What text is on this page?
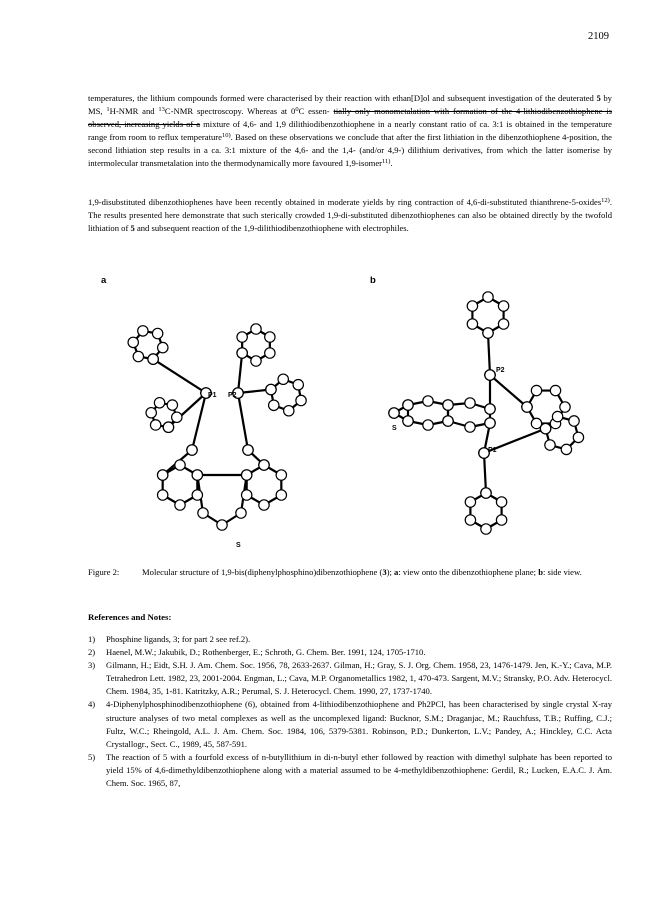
2109

temperatures, the lithium compounds formed were characterised by their reaction with ethan[D]ol and subsequent investigation of the deuterated 5 by MS, $^1$H-NMR and $^{13}$C-NMR spectroscopy. Whereas at $0^0C$ essen- tially only monometalation with formation of the 4-lithiodibenzothiophene is observed, increasing yields of a mixture of 4,6- and 1,9 dilithiodibenzothiophene in a nearly constant ratio of ca. 3:1 is obtained in the temperature range from room to reflux temperature$^{10)}$. Based on these observations we conclude that after the first lithiation in the dibenzothiophene 4-position, the second lithiation step results in a ca. 3:1 mixture of the 4,6- and the 1,4- (and/or 4,9-) dilithium derivatives, from which the latter isomerise by intermolecular transmetalation into the thermodynamically more favoured 1,9-isomer$^{11)}$.

1,9-disubstituted dibenzothiophenes have been recently obtained in moderate yields by ring contraction of 4,6-di-substituted thianthrene-5-oxides$^{12)}$. The results presented here demonstrate that such sterically crowded 1,9-di-substituted dibenzothiophenes can also be obtained directly by the twofold lithiation of 5 and subsequent reaction of the 1,9-dilithiodibenzothiophene with electrophiles.

a	b
P1 P2
S
P2
P1
S

Figure 2:	Molecular structure of 1,9-bis(diphenylphosphino)dibenzothiophene (3); a: view onto the dibenzothiophene plane; b: side view.

References and Notes:
1) Phosphine ligands, 3; for part 2 see ref.2).
2) Haenel, M.W.; Jakubik, D.; Rothenberger, E.; Schroth, G. Chem. Ber. 1991, 124, 1705-1710.
3) Gilmann, H.; Eidt, S.H. J. Am. Chem. Soc. 1956, 78, 2633-2637. Gilman, H.; Gray, S. J. Org. Chem. 1958, 23, 1476-1479. Jen, K.-Y.; Cava, M.P. Tetrahedron Lett. 1982, 23, 2001-2004. Engman, L.; Cava, M.P. Organometallics 1982, 1, 470-473. Sargent, M.V.; Stransky, P.O. Adv. Heterocycl. Chem. 1984, 35, 1-81. Katritzky, A.R.; Perumal, S. J. Heterocycl. Chem. 1990, 27, 1737-1740.
4) 4-Diphenylphosphinodibenzothiophene (6), obtained from 4-lithiodibenzothiophene and Ph2PCl, has been characterised by single crystal X-ray structure analyses of two metal complexes as well as the uncomplexed ligand: Bucknor, S.M.; Draganjac, M.; Rauchfuss, T.B.; Ruffing, C.J.; Fultz, W.C.; Rheingold, A.L. J. Am. Chem. Soc. 1984, 106, 5379-5381. Robinson, P.D.; Dunkerton, L.V.; Pandey, A.; Hinckley, C.C. Acta Crystallogr., Sect. C., 1989, 45, 587-591.
5) The reaction of 5 with a fourfold excess of n-butyllithium in di-n-butyl ether followed by reaction with dimethyl sulphate has been reported to yield 15% of 4,6-dimethyldibenzothiophene along with a material assumed to be 4-methyldibenzothiophene: Gerdil, R.; Lucken, E.A.C. J. Am. Chem. Soc. 1965, 87,
